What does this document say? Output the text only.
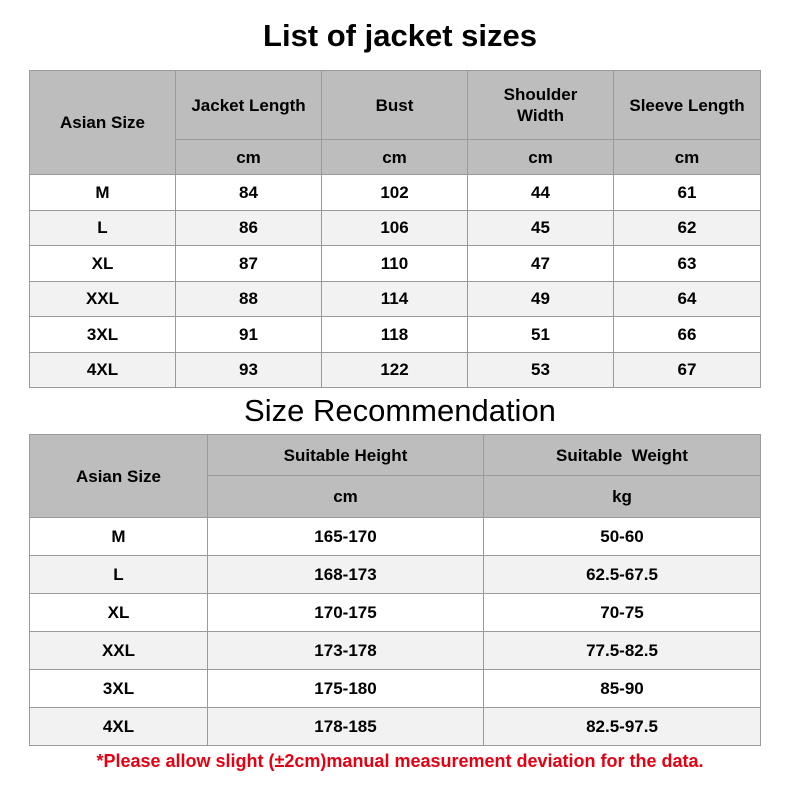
List of jacket sizes
Asian Size	Jacket Length	Bust	Shoulder Width	Sleeve Length
	cm	cm	cm	cm
M	84	102	44	61
L	86	106	45	62
XL	87	110	47	63
XXL	88	114	49	64
3XL	91	118	51	66
4XL	93	122	53	67
Size Recommendation
Asian Size	Suitable Height	Suitable  Weight
	cm	kg
M	165-170	50-60
L	168-173	62.5-67.5
XL	170-175	70-75
XXL	173-178	77.5-82.5
3XL	175-180	85-90
4XL	178-185	82.5-97.5
*Please allow slight (±2cm)manual measurement deviation for the data.
